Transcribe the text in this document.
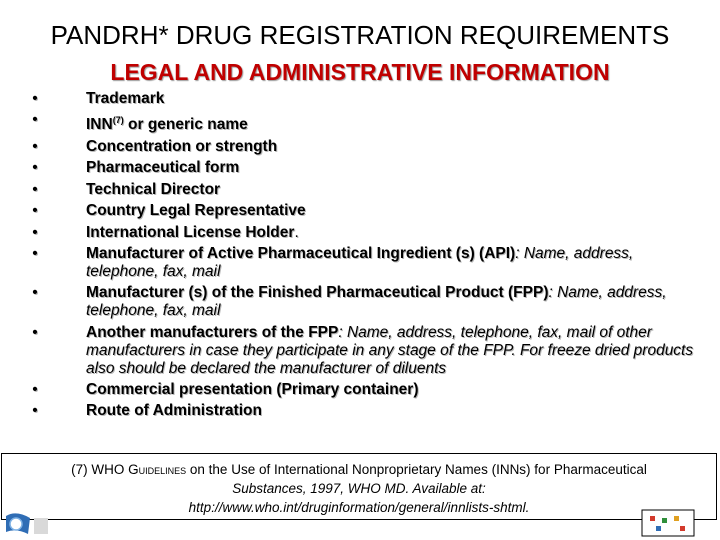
PANDRH* DRUG REGISTRATION REQUIREMENTS
LEGAL AND ADMINISTRATIVE INFORMATION
•	Trademark
•	INN$^{(7)}$ or generic name
•	Concentration or strength
•	Pharmaceutical form
•	Technical Director
•	Country Legal Representative
•	International License Holder.
•	Manufacturer of Active Pharmaceutical Ingredient (s) (API): Name, address, telephone, fax, mail
•	Manufacturer (s) of the Finished Pharmaceutical Product (FPP): Name, address, telephone, fax, mail
•	Another manufacturers of the FPP: Name, address, telephone, fax, mail of other manufacturers in case they participate in any stage of the FPP. For freeze dried products also should be declared the manufacturer of diluents
•	Commercial presentation (Primary container)
•	Route of Administration
(7) WHO Guidelines on the Use of International Nonproprietary Names (INNs) for Pharmaceutical
Substances, 1997, WHO MD. Available at:
http://www.who.int/druginformation/general/innlists-shtml.
